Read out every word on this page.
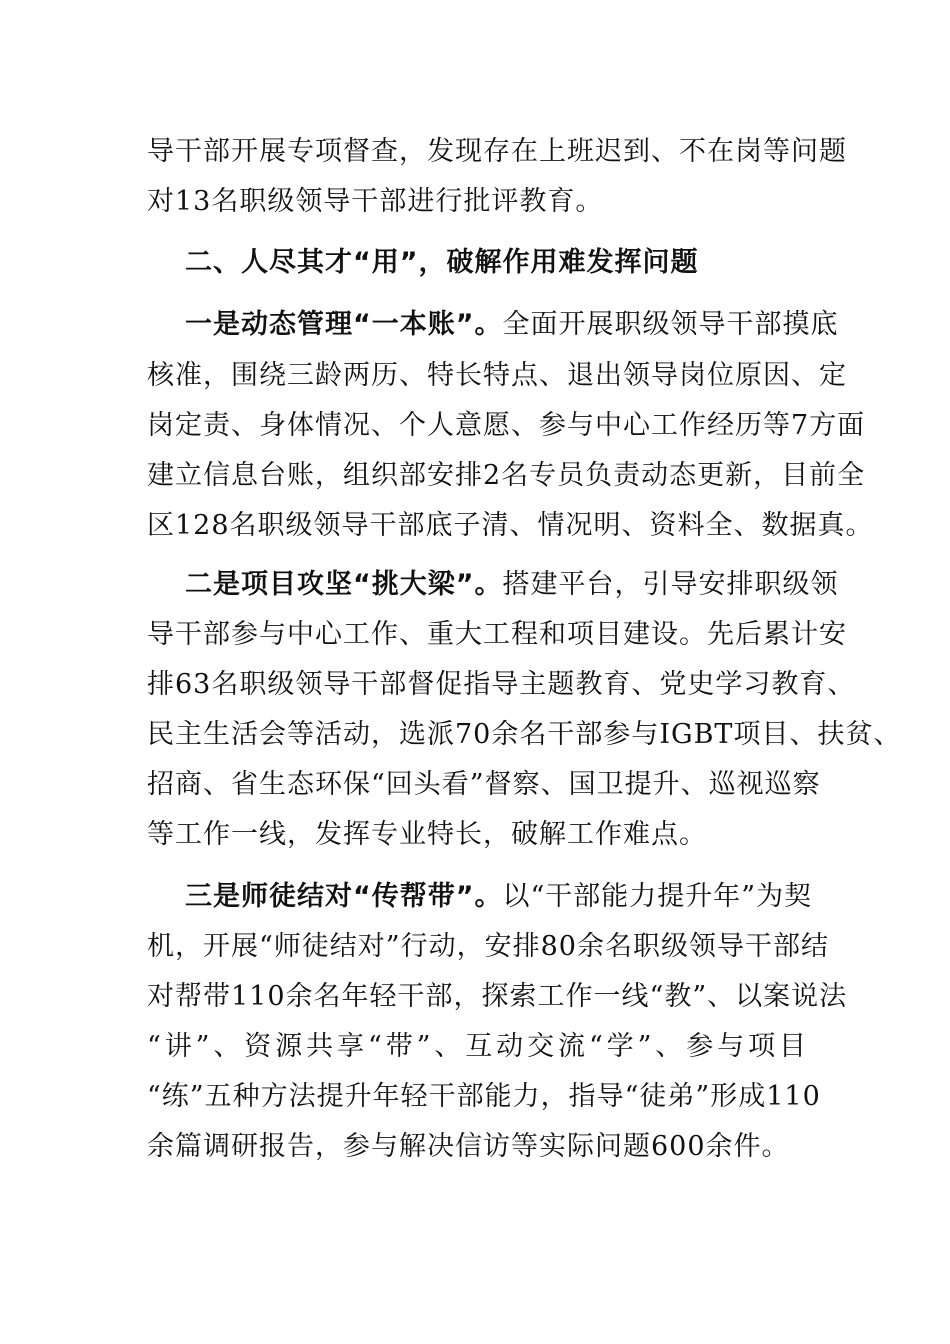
导干部开展专项督查，发现存在上班迟到、不在岗等问题
对13名职级领导干部进行批评教育。
二、人尽其才“用”，破解作用难发挥问题
一是动态管理“一本账”。全面开展职级领导干部摸底
核准，围绕三龄两历、特长特点、退出领导岗位原因、定
岗定责、身体情况、个人意愿、参与中心工作经历等7方面
建立信息台账，组织部安排2名专员负责动态更新，目前全
区128名职级领导干部底子清、情况明、资料全、数据真。
二是项目攻坚“挑大梁”。搭建平台，引导安排职级领
导干部参与中心工作、重大工程和项目建设。先后累计安
排63名职级领导干部督促指导主题教育、党史学习教育、
民主生活会等活动，选派70余名干部参与IGBT项目、扶贫、
招商、省生态环保“回头看”督察、国卫提升、巡视巡察
等工作一线，发挥专业特长，破解工作难点。
三是师徒结对“传帮带”。以“干部能力提升年”为契
机，开展“师徒结对”行动，安排80余名职级领导干部结
对帮带110余名年轻干部，探索工作一线“教”、以案说法
“讲”、资源共享“带”、互动交流“学”、参与项目
“练”五种方法提升年轻干部能力，指导“徒弟”形成110
余篇调研报告，参与解决信访等实际问题600余件。
